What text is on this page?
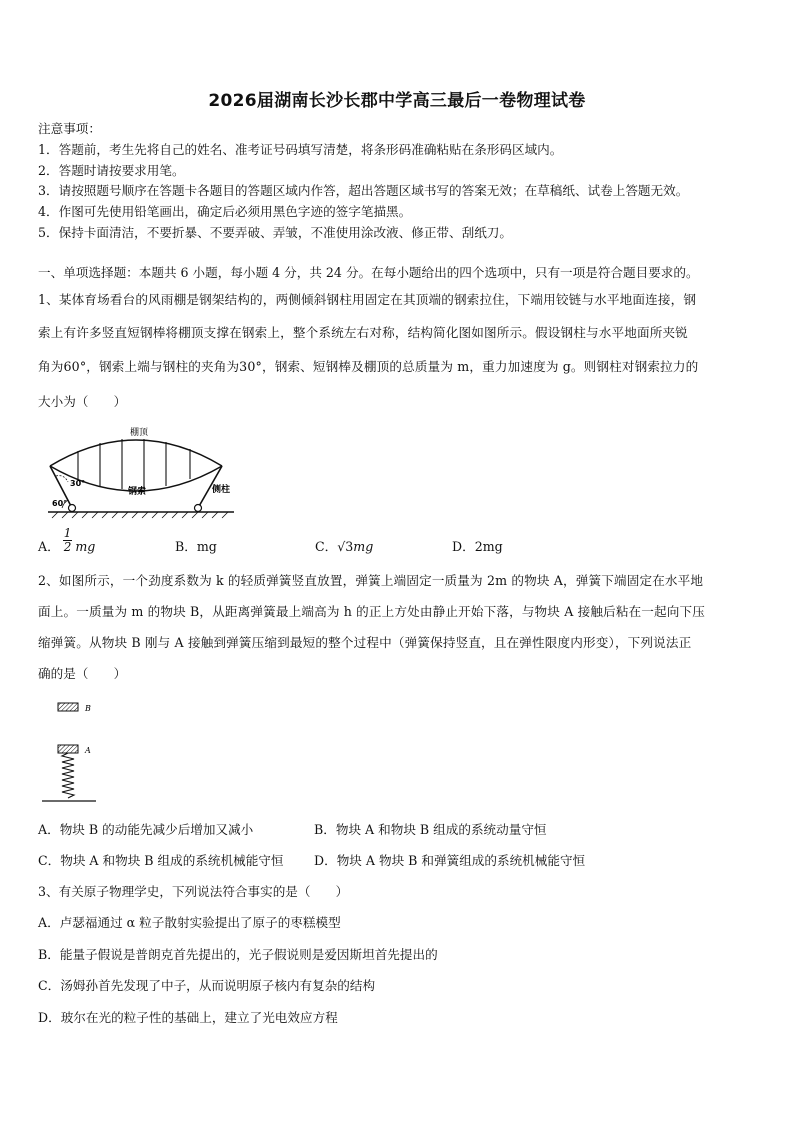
2026届湖南长沙长郡中学高三最后一卷物理试卷
注意事项：
1．答题前，考生先将自己的姓名、准考证号码填写清楚，将条形码准确粘贴在条形码区域内。
2．答题时请按要求用笔。
3．请按照题号顺序在答题卡各题目的答题区域内作答，超出答题区域书写的答案无效；在草稿纸、试卷上答题无效。
4．作图可先使用铅笔画出，确定后必须用黑色字迹的签字笔描黑。
5．保持卡面清洁，不要折暴、不要弄破、弄皱，不准使用涂改液、修正带、刮纸刀。
一、单项选择题：本题共 6 小题，每小题 4 分，共 24 分。在每小题给出的四个选项中，只有一项是符合题目要求的。
1、某体育场看台的风雨棚是钢架结构的，两侧倾斜钢柱用固定在其顶端的钢索拉住，下端用铰链与水平地面连接，钢
索上有许多竖直短钢棒将棚顶支撑在钢索上，整个系统左右对称，结构简化图如图所示。假设钢柱与水平地面所夹锐
角为60°，钢索上端与钢柱的夹角为30°，钢索、短钢棒及棚顶的总质量为 m，重力加速度为 g。则钢柱对钢索拉力的
大小为（　　）
棚顶
30°
60°
钢索	侧柱
A． $\frac{1}{2}$ mg	B．mg	C．√3mg	D．2mg
2、如图所示，一个劲度系数为 k 的轻质弹簧竖直放置，弹簧上端固定一质量为 2m 的物块 A，弹簧下端固定在水平地
面上。一质量为 m 的物块 B，从距离弹簧最上端高为 h 的正上方处由静止开始下落，与物块 A 接触后粘在一起向下压
缩弹簧。从物块 B 刚与 A 接触到弹簧压缩到最短的整个过程中（弹簧保持竖直，且在弹性限度内形变），下列说法正
确的是（　　）
B
A
A．物块 B 的动能先减少后增加又减小	B．物块 A 和物块 B 组成的系统动量守恒
C．物块 A 和物块 B 组成的系统机械能守恒 D．物块 A 物块 B 和弹簧组成的系统机械能守恒
3、有关原子物理学史，下列说法符合事实的是（　　）
A．卢瑟福通过 α 粒子散射实验提出了原子的枣糕模型
B．能量子假说是普朗克首先提出的，光子假说则是爱因斯坦首先提出的
C．汤姆孙首先发现了中子，从而说明原子核内有复杂的结构
D．玻尔在光的粒子性的基础上，建立了光电效应方程
